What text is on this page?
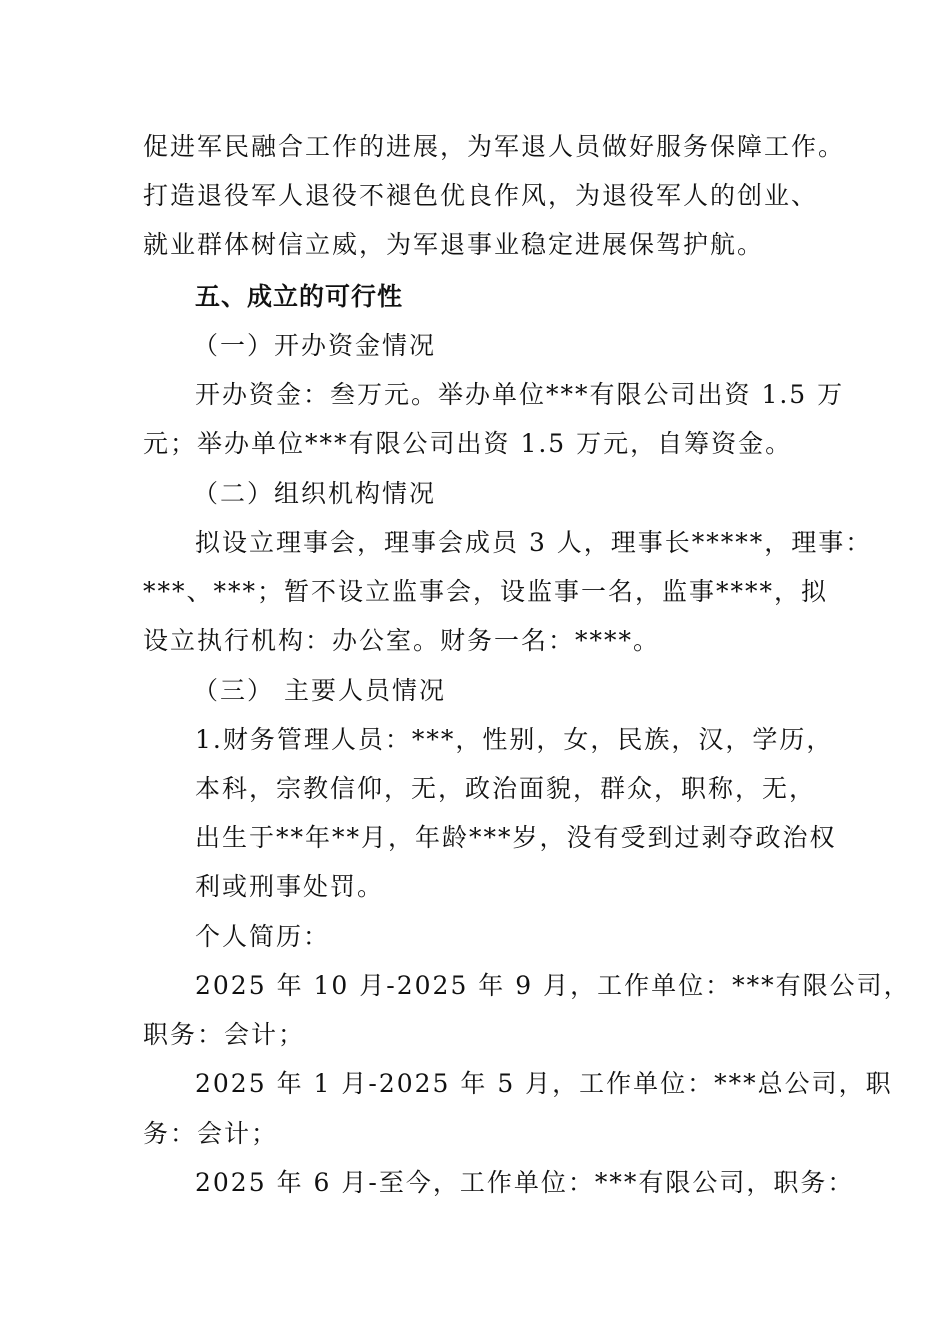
促进军民融合工作的进展，为军退人员做好服务保障工作。
打造退役军人退役不褪色优良作风，为退役军人的创业、
就业群体树信立威，为军退事业稳定进展保驾护航。
五、成立的可行性
（一）开办资金情况
开办资金：叁万元。举办单位***有限公司出资 1.5 万
元；举办单位***有限公司出资 1.5 万元，自筹资金。
（二）组织机构情况
拟设立理事会，理事会成员 3 人，理事长*****，理事：
***、***；暂不设立监事会，设监事一名，监事****，拟
设立执行机构：办公室。财务一名：****。
（三） 主要人员情况
1.财务管理人员：***，性别，女，民族，汉，学历，
本科，宗教信仰，无，政治面貌，群众，职称，无，
出生于**年**月，年龄***岁，没有受到过剥夺政治权
利或刑事处罚。
个人简历：
2025 年 10 月-2025 年 9 月，工作单位：***有限公司，
职务：会计；
2025 年 1 月-2025 年 5 月，工作单位：***总公司，职
务：会计；
2025 年 6 月-至今，工作单位：***有限公司，职务：
